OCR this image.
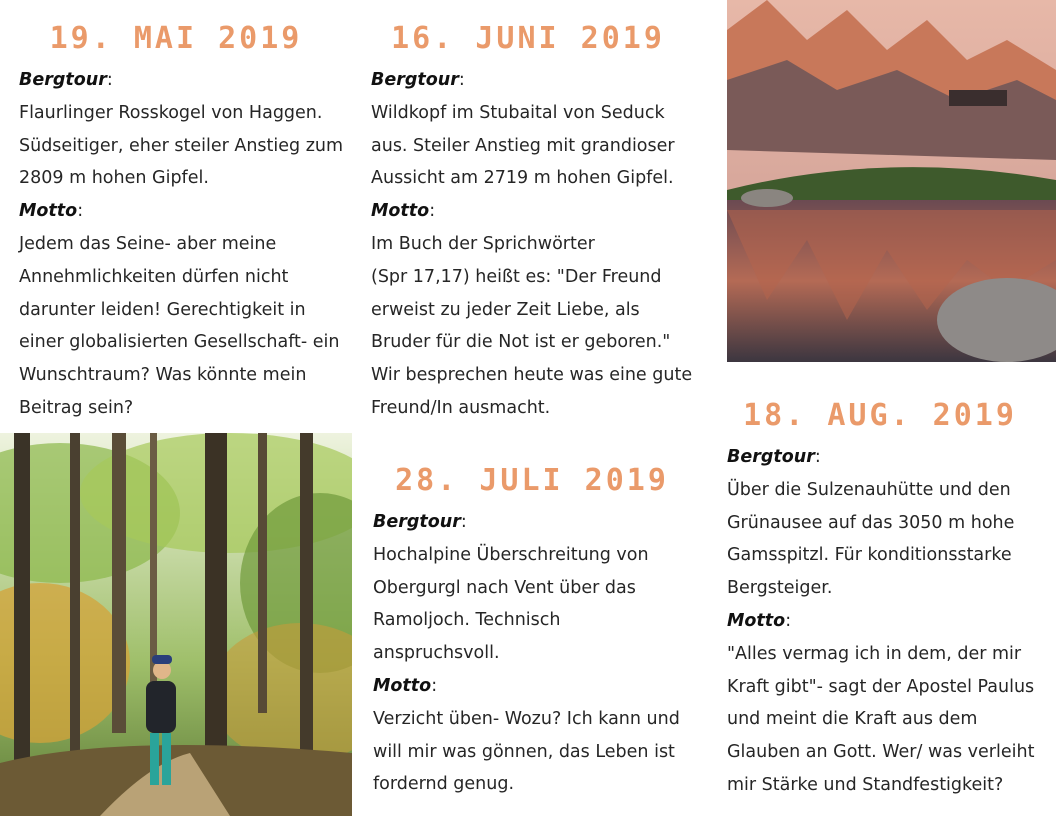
19. MAI 2019

Bergtour:

Flaurlinger Rosskogel von Haggen.

Südseitiger, eher steiler Anstieg zum

2809 m hohen Gipfel.

Motto:

Jedem das Seine- aber meine

Annehmlichkeiten dürfen nicht

darunter leiden! Gerechtigkeit in

einer globalisierten Gesellschaft- ein

Wunschtraum? Was könnte mein

Beitrag sein?

16. JUNI 2019

Bergtour:

Wildkopf im Stubaital von Seduck

aus. Steiler Anstieg mit grandioser

Aussicht am 2719 m hohen Gipfel.

Motto:

Im Buch der Sprichwörter

(Spr 17,17) heißt es: "Der Freund

erweist zu jeder Zeit Liebe, als

Bruder für die Not ist er geboren."

Wir besprechen heute was eine gute

Freund/In ausmacht.

28. JULI 2019

Bergtour:

Hochalpine Überschreitung von

Obergurgl nach Vent über das

Ramoljoch. Technisch

anspruchsvoll.

Motto:

Verzicht üben- Wozu? Ich kann und

will mir was gönnen, das Leben ist

fordernd genug.

18. AUG. 2019

Bergtour:

Über die Sulzenauhütte und den

Grünausee auf das 3050 m hohe

Gamsspitzl. Für konditionsstarke

Bergsteiger.

Motto:

"Alles vermag ich in dem, der mir

Kraft gibt"- sagt der Apostel Paulus

und meint die Kraft aus dem

Glauben an Gott. Wer/ was verleiht

mir Stärke und Standfestigkeit?
